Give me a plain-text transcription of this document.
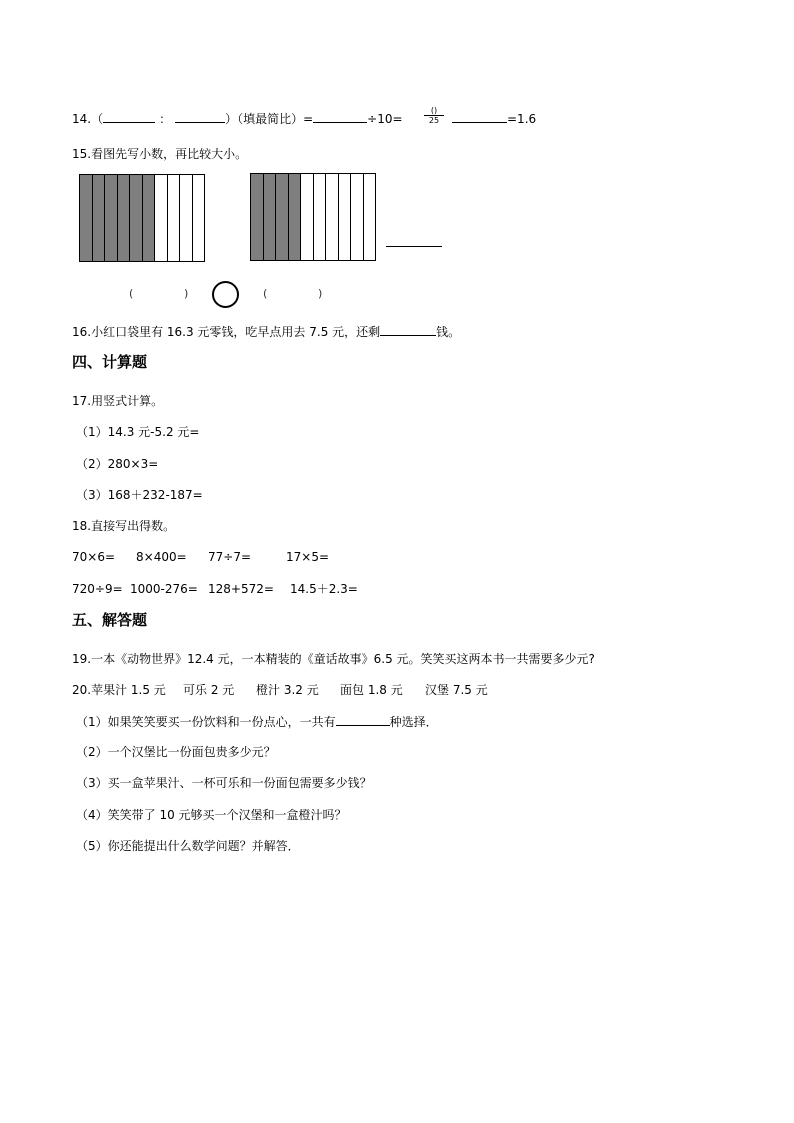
14.（	：	）（填最简比）=	÷10=
()
25	=1.6
15.看图先写小数，再比较大小。
(	)	(	)
16.小红口袋里有 16.3 元零钱，吃早点用去 7.5 元，还剩	钱。
四、计算题
17.用竖式计算。
（1）14.3 元-5.2 元=
（2）280×3=
（3）168＋232-187=
18.直接写出得数。
70×6= 8×400= 77÷7=	17×5=
720÷9= 1000-276= 128+572= 14.5＋2.3=
五、解答题
19.一本《动物世界》12.4 元，一本精装的《童话故事》6.5 元。笑笑买这两本书一共需要多少元?
20.苹果汁 1.5 元 可乐 2 元 橙汁 3.2 元 面包 1.8 元 汉堡 7.5 元
（1）如果笑笑要买一份饮料和一份点心，一共有	种选择．
（2）一个汉堡比一份面包贵多少元？
（3）买一盒苹果汁、一杯可乐和一份面包需要多少钱？
（4）笑笑带了 10 元够买一个汉堡和一盒橙汁吗？
（5）你还能提出什么数学问题？并解答．
